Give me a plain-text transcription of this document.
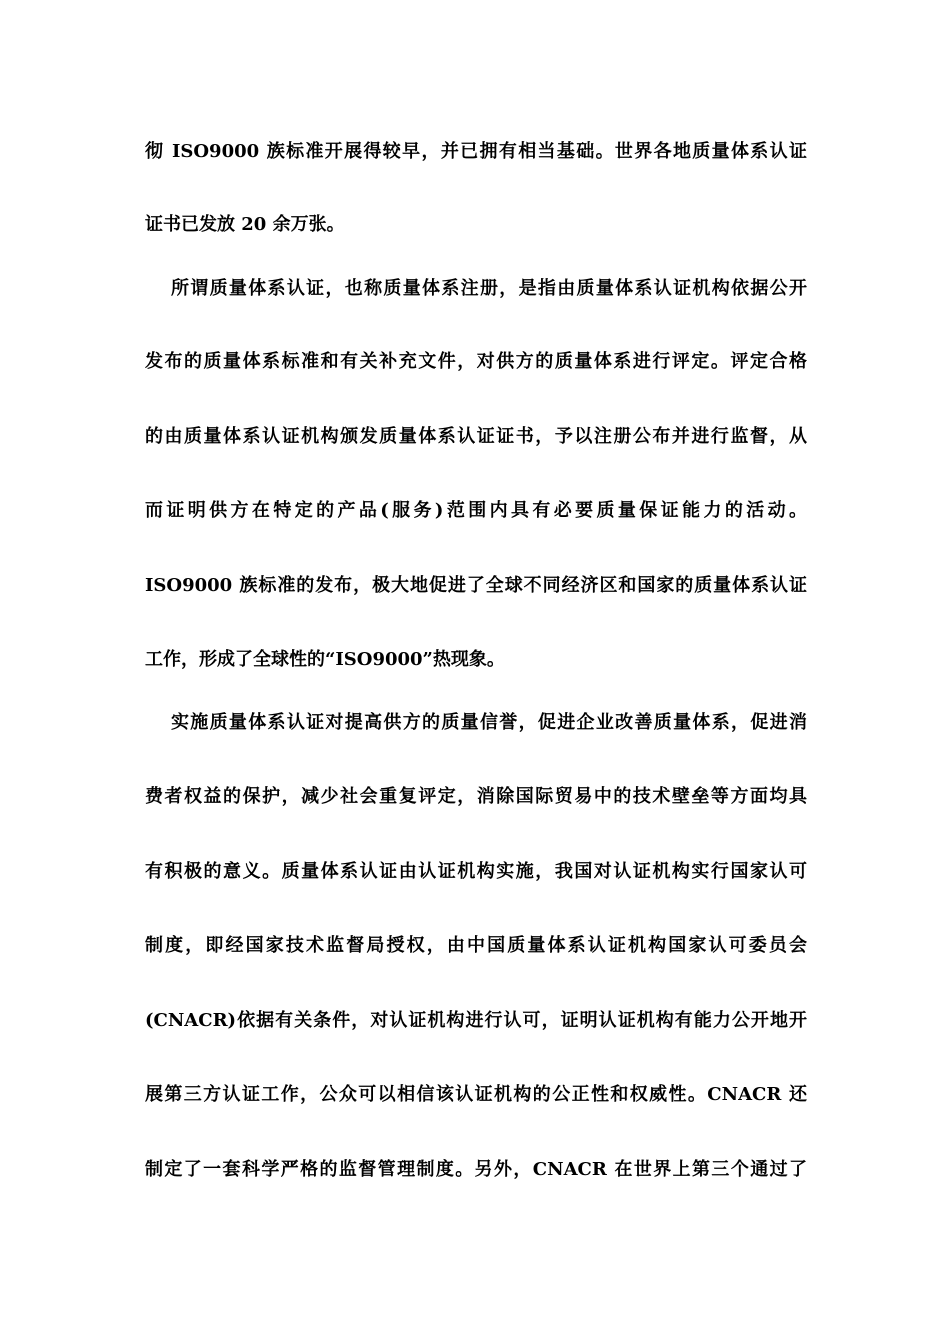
彻 ISO9000 族标准开展得较早，并已拥有相当基础。世界各地质量体系认证
证书已发放 20 余万张。
所谓质量体系认证，也称质量体系注册，是指由质量体系认证机构依据公开
发布的质量体系标准和有关补充文件，对供方的质量体系进行评定。评定合格
的由质量体系认证机构颁发质量体系认证证书，予以注册公布并进行监督，从
而证明供方在特定的产品(服务)范围内具有必要质量保证能力的活动。
ISO9000 族标准的发布，极大地促进了全球不同经济区和国家的质量体系认证
工作，形成了全球性的“ISO9000”热现象。
实施质量体系认证对提高供方的质量信誉，促进企业改善质量体系，促进消
费者权益的保护，减少社会重复评定，消除国际贸易中的技术壁垒等方面均具
有积极的意义。质量体系认证由认证机构实施，我国对认证机构实行国家认可
制度，即经国家技术监督局授权，由中国质量体系认证机构国家认可委员会
(CNACR)依据有关条件，对认证机构进行认可，证明认证机构有能力公开地开
展第三方认证工作，公众可以相信该认证机构的公正性和权威性。CNACR 还
制定了一套科学严格的监督管理制度。另外，CNACR 在世界上第三个通过了
